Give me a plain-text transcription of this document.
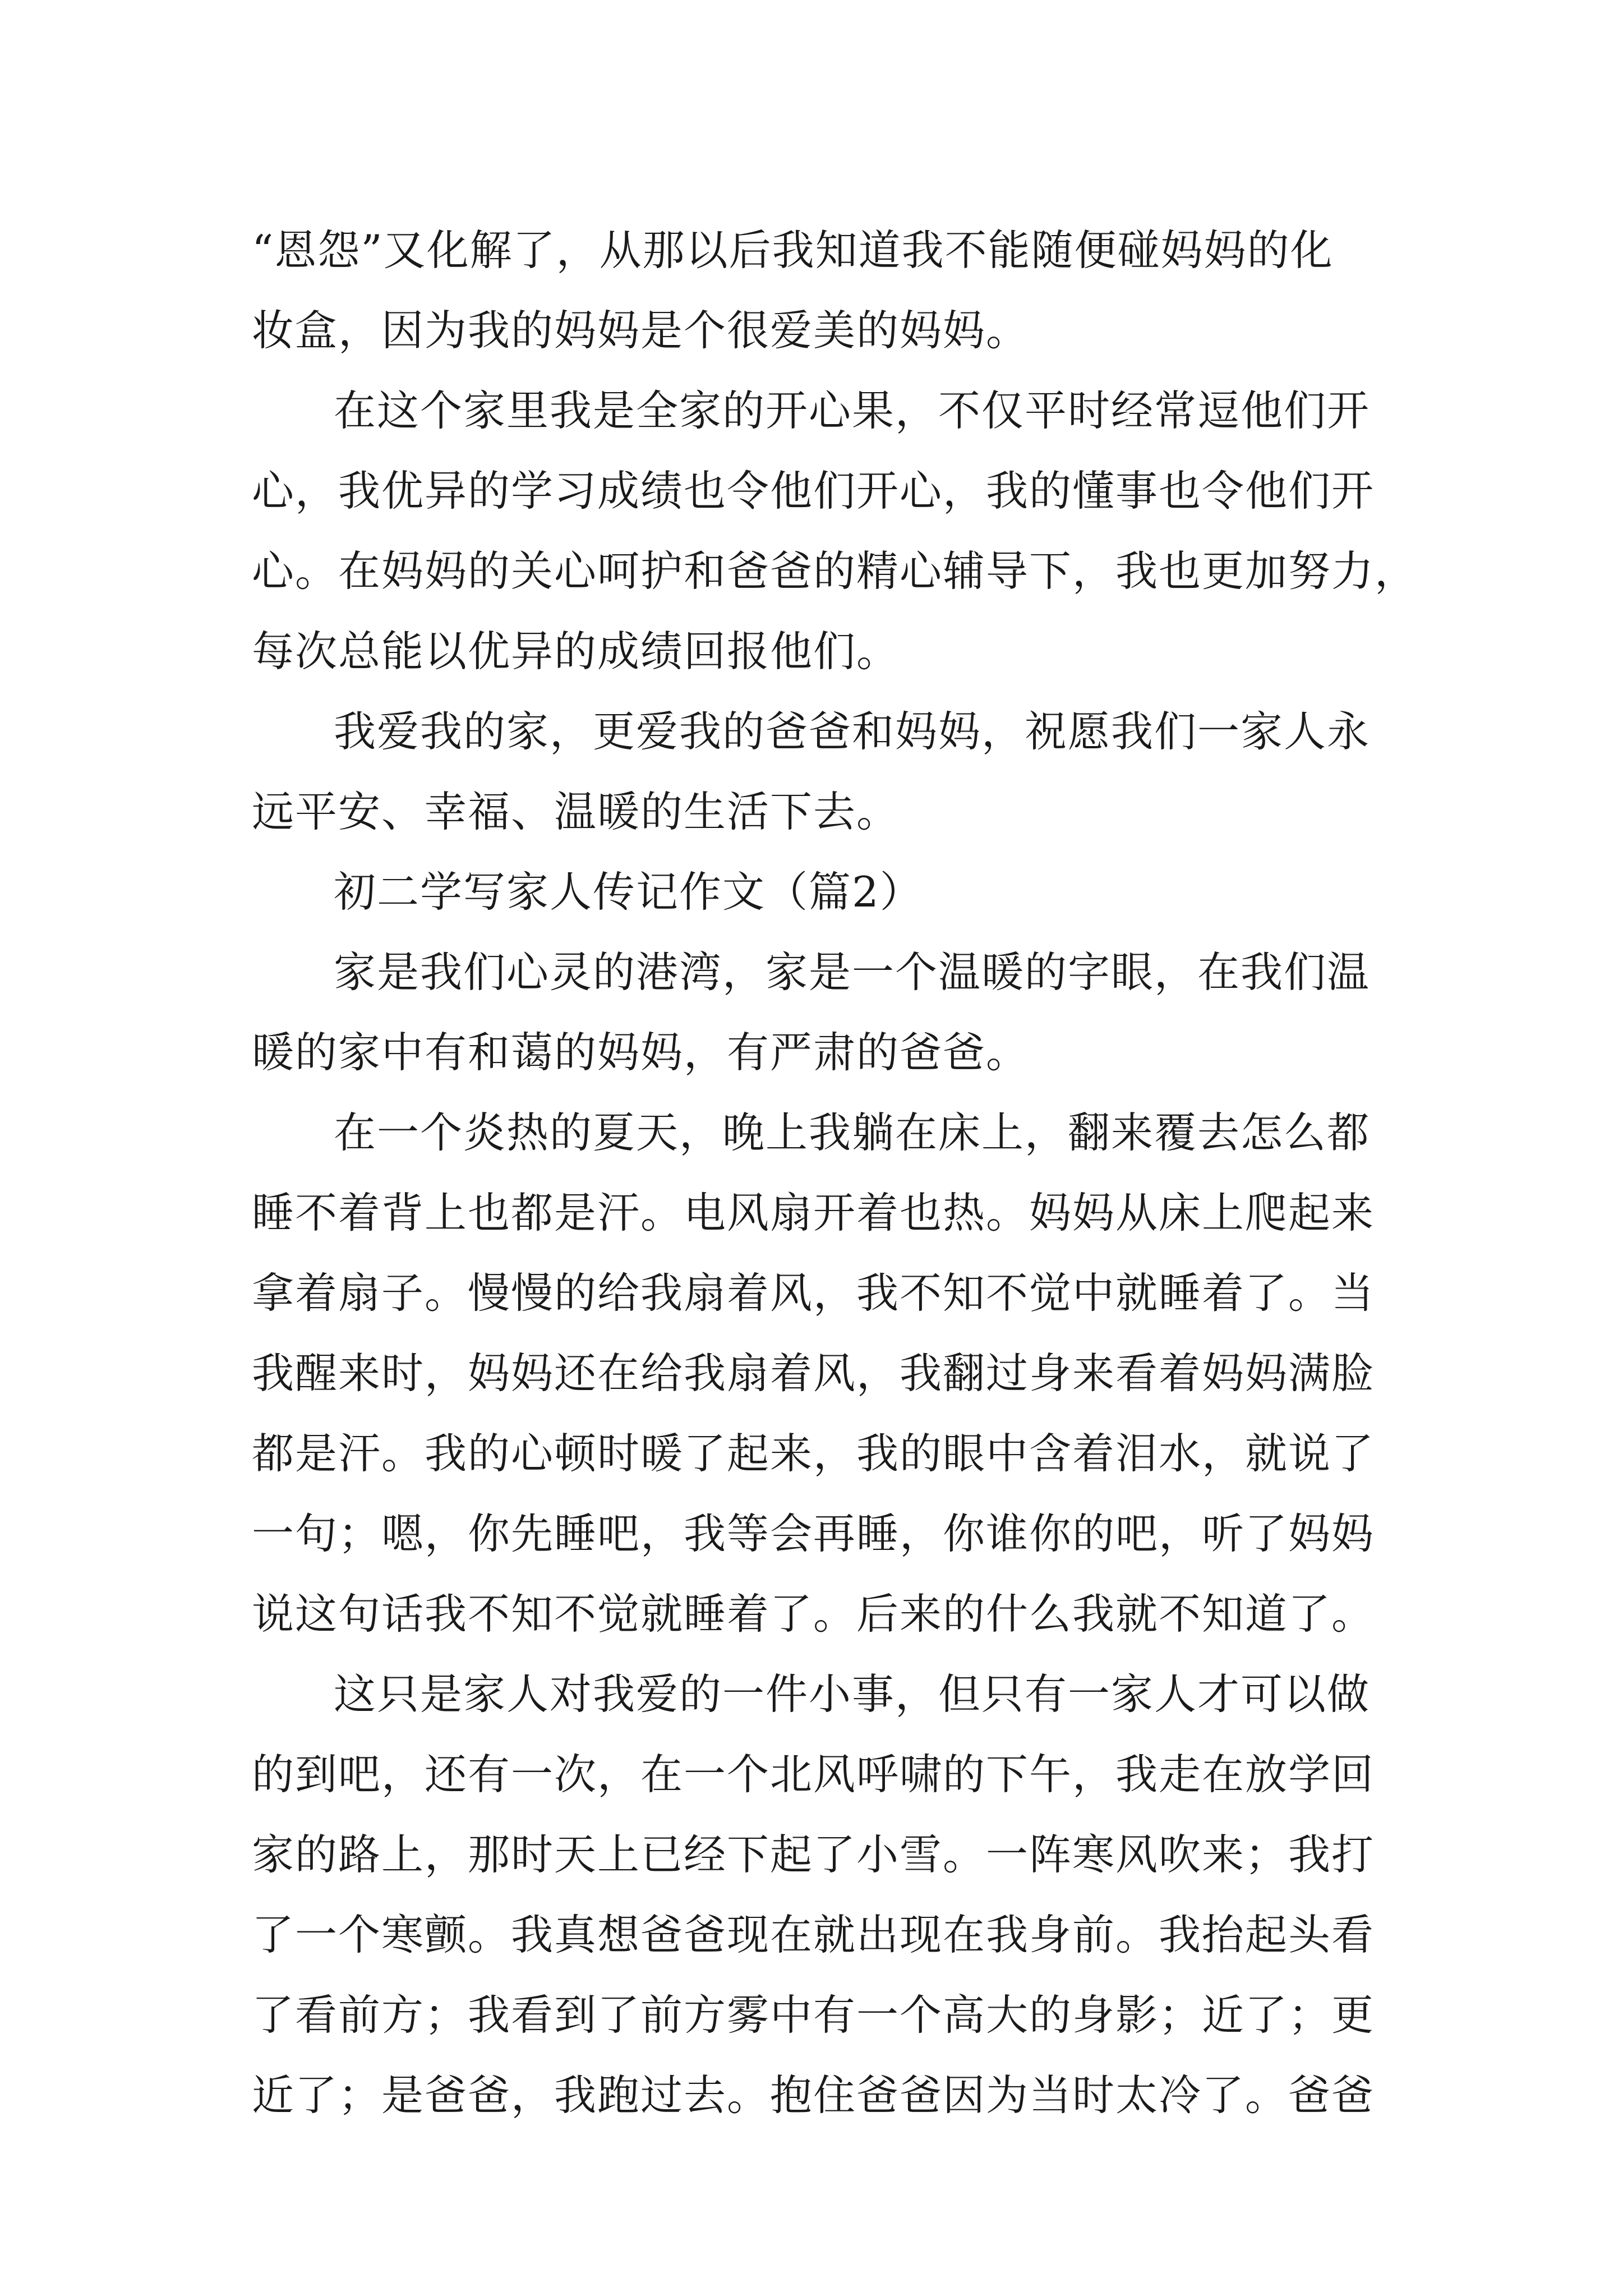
“恩怨”又化解了，从那以后我知道我不能随便碰妈妈的化
妆盒，因为我的妈妈是个很爱美的妈妈。
在这个家里我是全家的开心果，不仅平时经常逗他们开
心，我优异的学习成绩也令他们开心，我的懂事也令他们开
心。在妈妈的关心呵护和爸爸的精心辅导下，我也更加努力，
每次总能以优异的成绩回报他们。
我爱我的家，更爱我的爸爸和妈妈，祝愿我们一家人永
远平安、幸福、温暖的生活下去。
初二学写家人传记作文（篇2）
家是我们心灵的港湾，家是一个温暖的字眼，在我们温
暖的家中有和蔼的妈妈，有严肃的爸爸。
在一个炎热的夏天，晚上我躺在床上，翻来覆去怎么都
睡不着背上也都是汗。电风扇开着也热。妈妈从床上爬起来
拿着扇子。慢慢的给我扇着风，我不知不觉中就睡着了。当
我醒来时，妈妈还在给我扇着风，我翻过身来看着妈妈满脸
都是汗。我的心顿时暖了起来，我的眼中含着泪水，就说了
一句；嗯，你先睡吧，我等会再睡，你谁你的吧，听了妈妈
说这句话我不知不觉就睡着了。后来的什么我就不知道了。
这只是家人对我爱的一件小事，但只有一家人才可以做
的到吧，还有一次，在一个北风呼啸的下午，我走在放学回
家的路上，那时天上已经下起了小雪。一阵寒风吹来；我打
了一个寒颤。我真想爸爸现在就出现在我身前。我抬起头看
了看前方；我看到了前方雾中有一个高大的身影；近了；更
近了；是爸爸，我跑过去。抱住爸爸因为当时太冷了。爸爸
